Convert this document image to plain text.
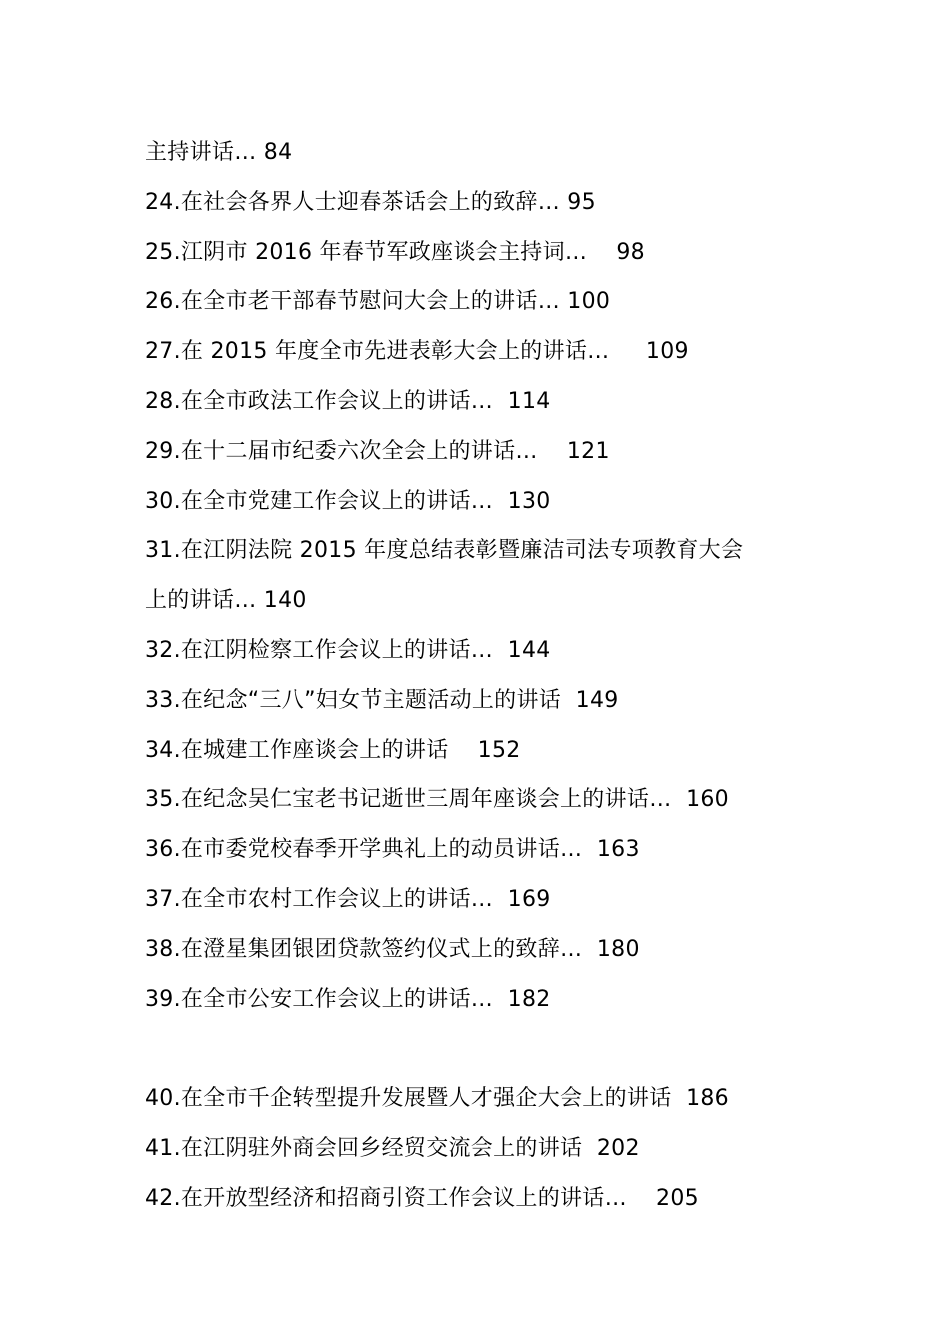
主持讲话… 84
24.在社会各界人士迎春茶话会上的致辞… 95
25.江阴市 2016 年春节军政座谈会主持词…    98
26.在全市老干部春节慰问大会上的讲话… 100
27.在 2015 年度全市先进表彰大会上的讲话…     109
28.在全市政法工作会议上的讲话…  114
29.在十二届市纪委六次全会上的讲话…    121
30.在全市党建工作会议上的讲话…  130
31.在江阴法院 2015 年度总结表彰暨廉洁司法专项教育大会
上的讲话… 140
32.在江阴检察工作会议上的讲话…  144
33.在纪念“三八”妇女节主题活动上的讲话  149
34.在城建工作座谈会上的讲话    152
35.在纪念吴仁宝老书记逝世三周年座谈会上的讲话…  160
36.在市委党校春季开学典礼上的动员讲话…  163
37.在全市农村工作会议上的讲话…  169
38.在澄星集团银团贷款签约仪式上的致辞…  180
39.在全市公安工作会议上的讲话…  182
40.在全市千企转型提升发展暨人才强企大会上的讲话  186
41.在江阴驻外商会回乡经贸交流会上的讲话  202
42.在开放型经济和招商引资工作会议上的讲话…    205
